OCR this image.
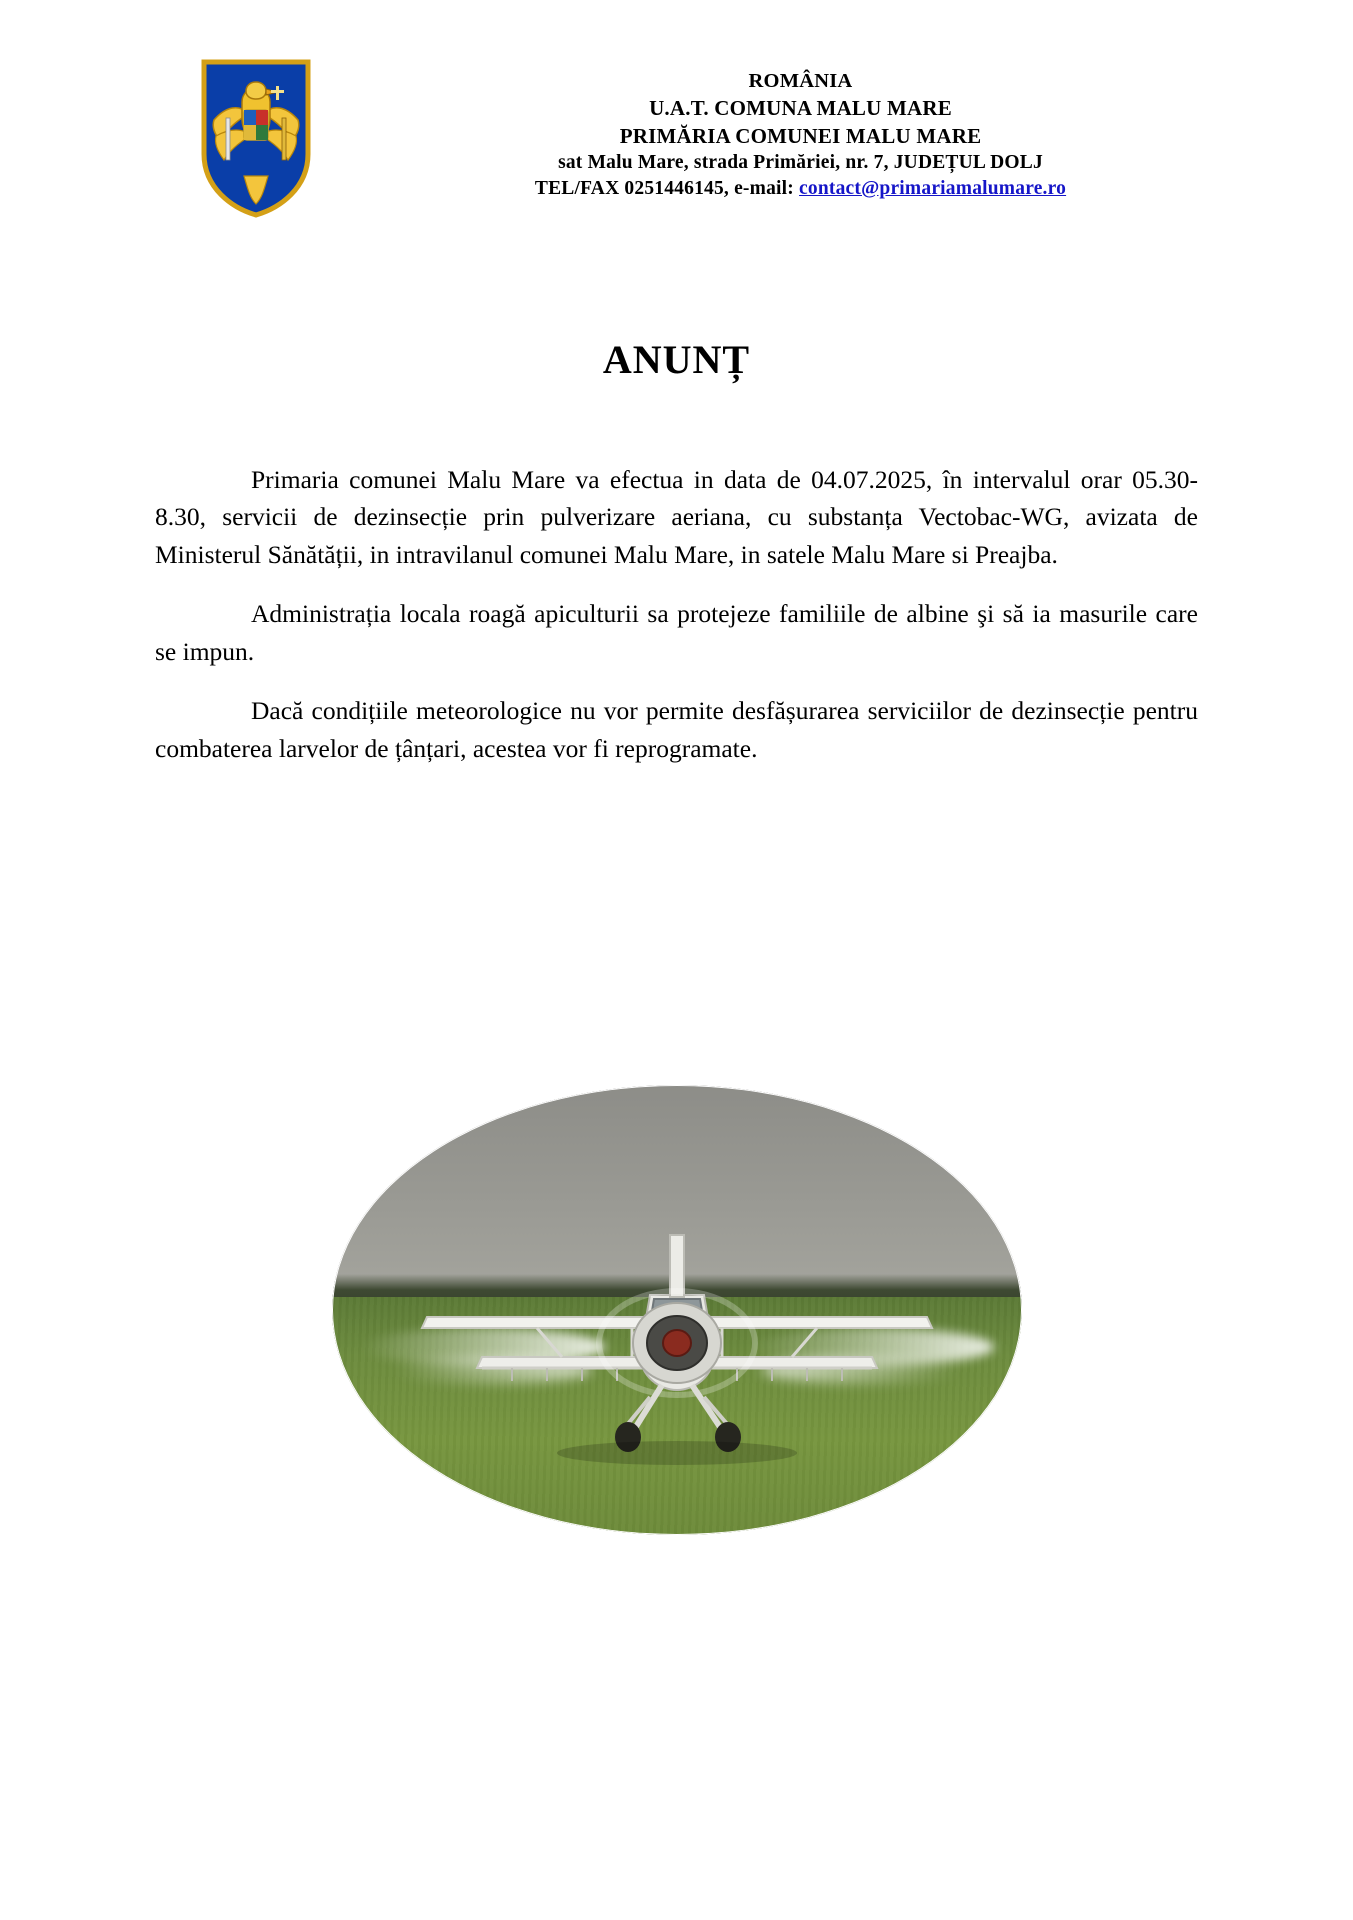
ROMÂNIA
U.A.T. COMUNA MALU MARE
PRIMĂRIA COMUNEI MALU MARE
sat Malu Mare, strada Primăriei, nr. 7, JUDEȚUL DOLJ
TEL/FAX 0251446145, e-mail: contact@primariamalumare.ro
ANUNȚ

Primaria comunei Malu Mare va efectua in data de 04.07.2025, în intervalul orar 05.30- 8.30, servicii de dezinsecție prin pulverizare aeriana, cu substanța Vectobac-WG, avizata de Ministerul Sănătății, in intravilanul comunei Malu Mare, in satele Malu Mare si Preajba.

Administrația locala roagă apiculturii sa protejeze familiile de albine şi să ia masurile care se impun.

Dacă condițiile meteorologice nu vor permite desfășurarea serviciilor de dezinsecție pentru combaterea larvelor de țânțari, acestea vor fi reprogramate.
